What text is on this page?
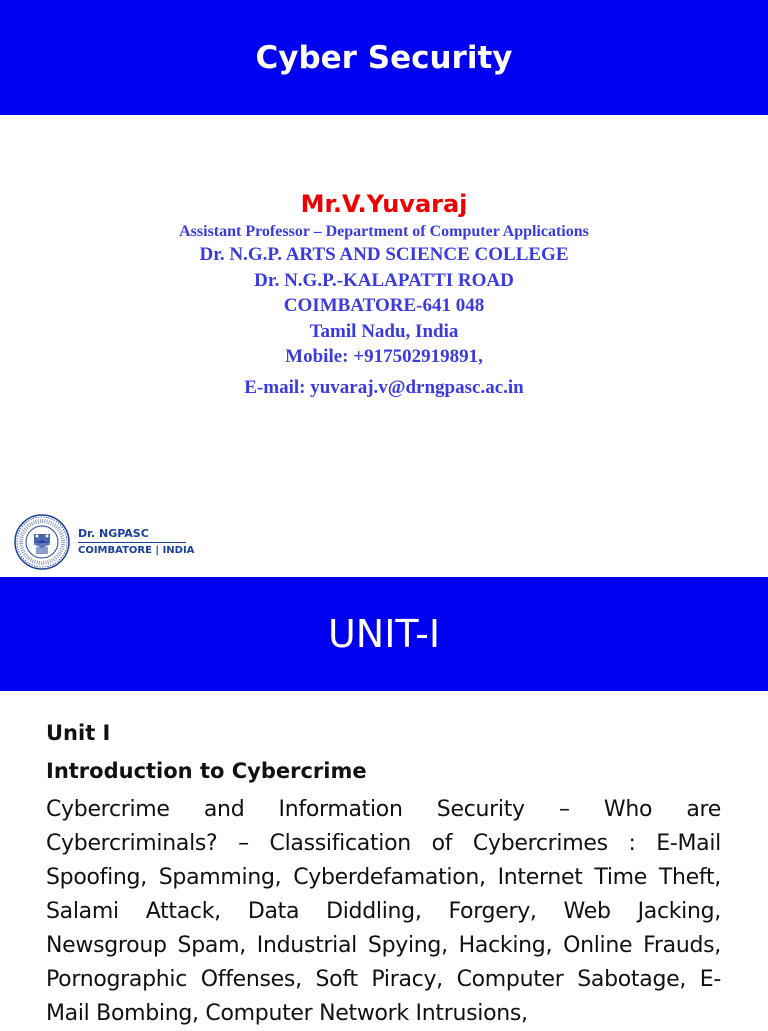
Cyber Security
Mr.V.Yuvaraj
Assistant Professor – Department of Computer Applications
Dr. N.G.P. ARTS AND SCIENCE COLLEGE
Dr. N.G.P.-KALAPATTI ROAD
COIMBATORE-641 048
Tamil Nadu, India
Mobile: +917502919891,
E-mail: yuvaraj.v@drngpasc.ac.in
Dr. NGPASC
COIMBATORE | INDIA
UNIT-I
Unit I
Introduction to Cybercrime
Cybercrime and Information Security – Who are Cybercriminals? – Classification of Cybercrimes : E-Mail Spoofing, Spamming, Cyberdefamation, Internet Time Theft, Salami Attack, Data Diddling, Forgery, Web Jacking, Newsgroup Spam, Industrial Spying, Hacking, Online Frauds, Pornographic Offenses, Soft Piracy, Computer Sabotage, E-Mail Bombing, Computer Network Intrusions,
